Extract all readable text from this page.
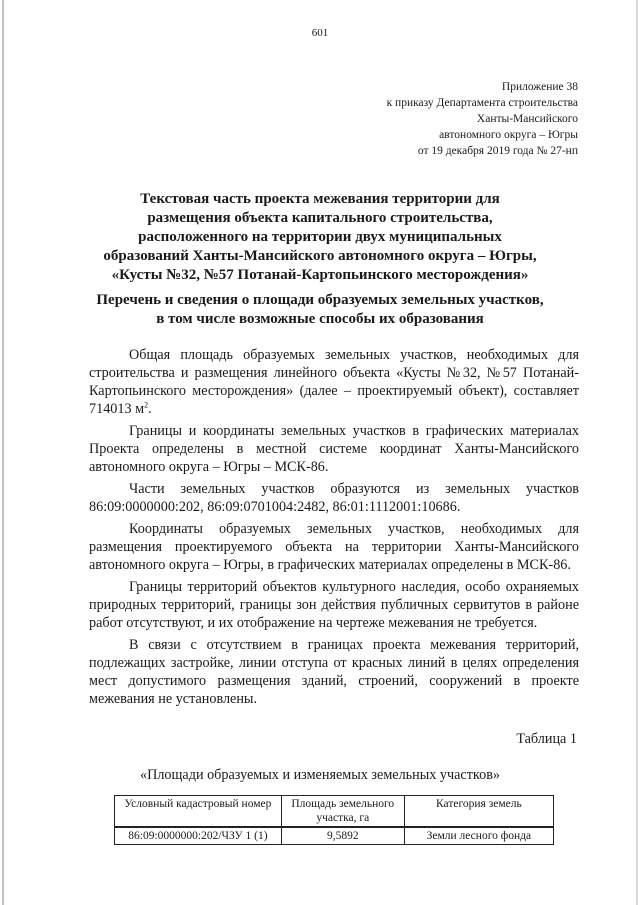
601
Приложение 38
к приказу Департамента строительства
Ханты-Мансийского
автономного округа – Югры
от 19 декабря 2019 года № 27-нп
Текстовая часть проекта межевания территории для
размещения объекта капитального строительства,
расположенного на территории двух муниципальных
образований Ханты-Мансийского автономного округа – Югры,
«Кусты №32, №57 Потанай-Картопьинского месторождения»
Перечень и сведения о площади образуемых земельных участков,
в том числе возможные способы их образования

Общая площадь образуемых земельных участков, необходимых для строительства и размещения линейного объекта «Кусты №32, №57 Потанай-Картопьинского месторождения» (далее – проектируемый объект), составляет 714013 $м^2$.

Границы и координаты земельных участков в графических материалах Проекта определены в местной системе координат Ханты-Мансийского автономного округа – Югры – МСК-86.

Части земельных участков образуются из земельных участков 86:09:0000000:202, 86:09:0701004:2482, 86:01:1112001:10686.

Координаты образуемых земельных участков, необходимых для размещения проектируемого объекта на территории Ханты-Мансийского автономного округа – Югры, в графических материалах определены в МСК-86.

Границы территорий объектов культурного наследия, особо охраняемых природных территорий, границы зон действия публичных сервитутов в районе работ отсутствуют, и их отображение на чертеже межевания не требуется.

В связи с отсутствием в границах проекта межевания территорий, подлежащих застройке, линии отступа от красных линий в целях определения мест допустимого размещения зданий, строений, сооружений в проекте межевания не установлены.

Таблица 1
«Площади образуемых и изменяемых земельных участков»
Условный кадастровый номер	Площадь земельного участка, га	Категория земель
86:09:0000000:202/ЧЗУ 1 (1)	9,5892	Земли лесного фонда
